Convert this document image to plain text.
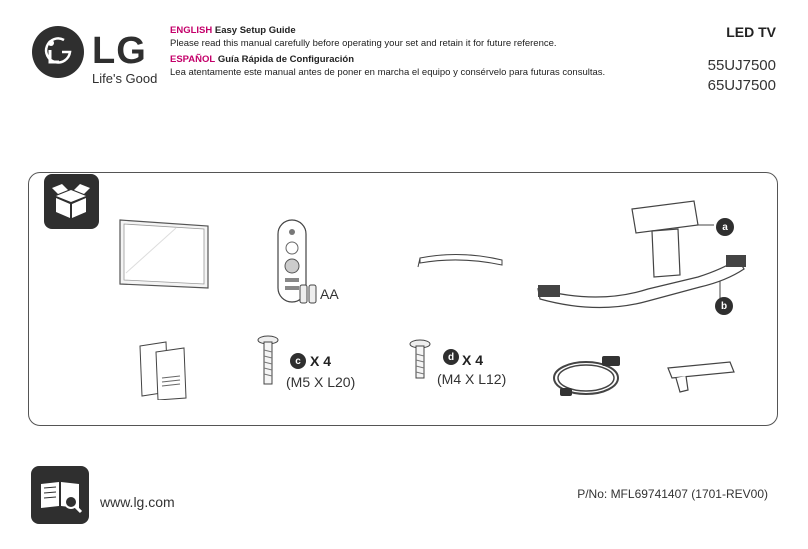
LG
Life's Good
ENGLISH Easy Setup Guide
Please read this manual carefully before operating your set and retain it for future reference.
ESPAÑOL Guía Rápida de Configuración
Lea atentamente este manual antes de poner en marcha el equipo y consérvelo para futuras consultas.
LED TV
55UJ7500
65UJ7500
AA
a
b
c X 4
(M5 X L20)
d X 4
(M4 X L12)
www.lg.com	P/No: MFL69741407 (1701-REV00)
